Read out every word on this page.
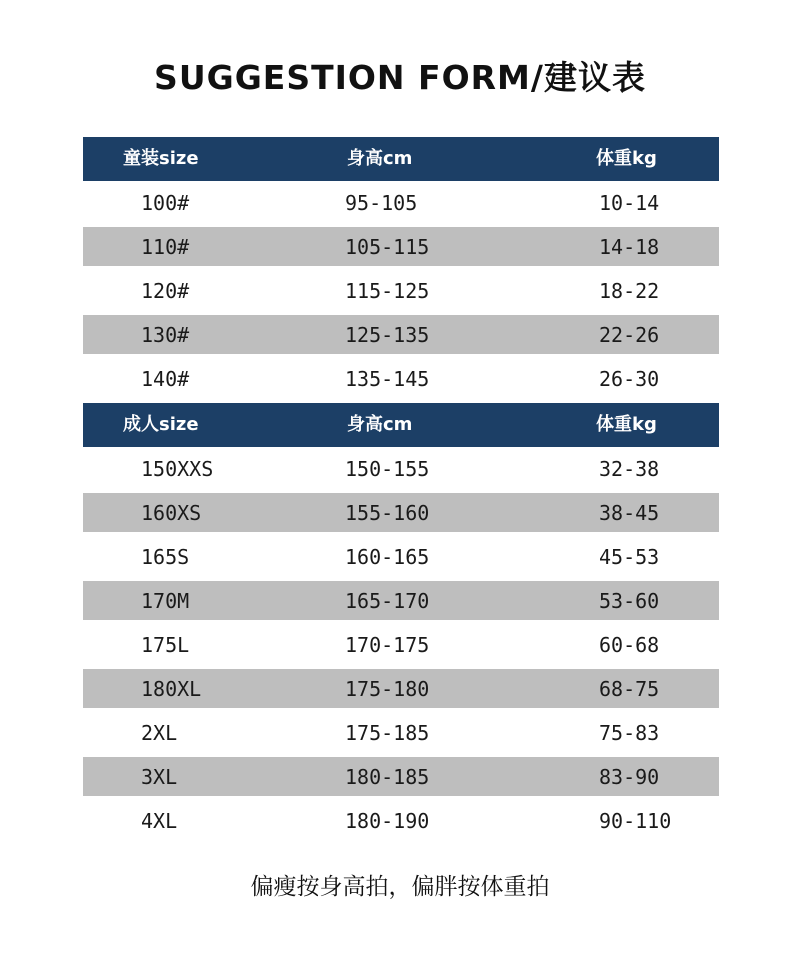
SUGGESTION FORM/建议表
童装size	身高cm	体重kg
100#	95-105	10-14
110#	105-115	14-18
120#	115-125	18-22
130#	125-135	22-26
140#	135-145	26-30
成人size	身高cm	体重kg
150XXS	150-155	32-38
160XS	155-160	38-45
165S	160-165	45-53
170M	165-170	53-60
175L	170-175	60-68
180XL	175-180	68-75
2XL	175-185	75-83
3XL	180-185	83-90
4XL	180-190	90-110
偏瘦按身高拍，偏胖按体重拍
